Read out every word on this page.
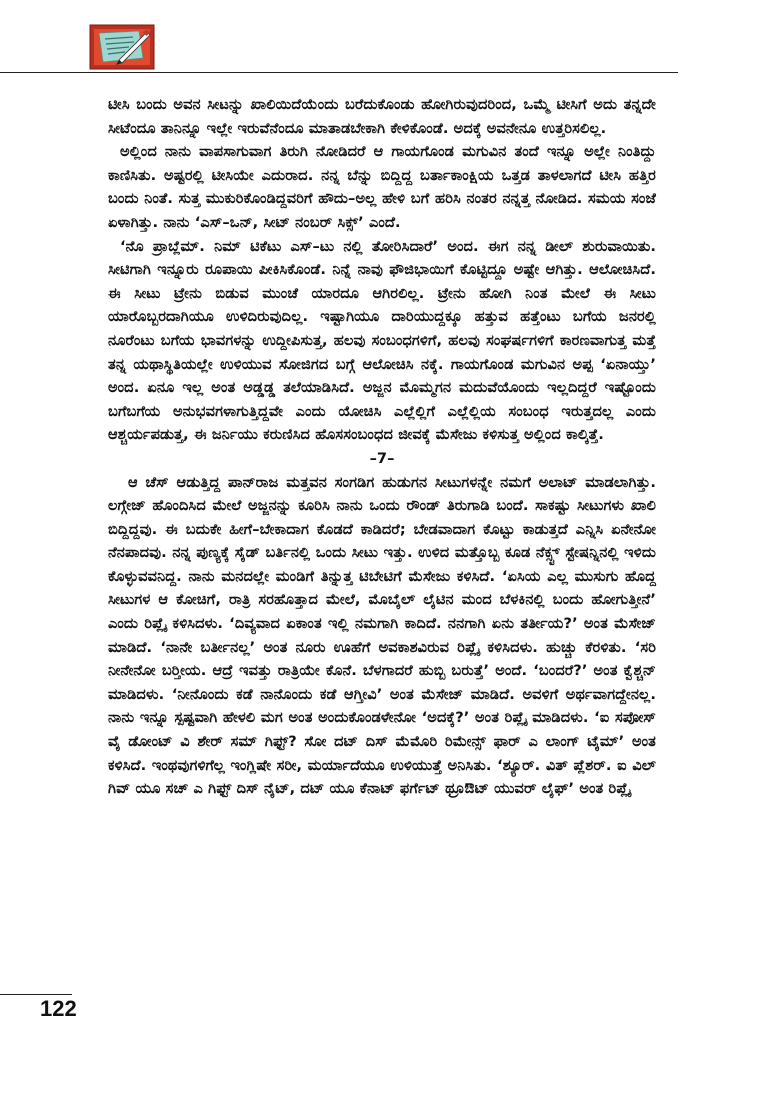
ಟೀಸಿ ಬಂದು ಅವನ ಸೀಟನ್ನು ಖಾಲಿಯಿದೆಯೆಂದು ಬರೆದುಕೊಂಡು ಹೋಗಿರುವುದರಿಂದ, ಒಮ್ಮೆ ಟೀಸಿಗೆ ಅದು ತನ್ನದೇ ಸೀಟೆಂದೂ ತಾನಿನ್ನೂ ಇಲ್ಲೇ ಇರುವೆನೆಂದೂ ಮಾತಾಡಬೇಕಾಗಿ ಕೇಳಿಕೊಂಡೆ. ಅದಕ್ಕೆ ಅವನೇನೂ ಉತ್ತರಿಸಲಿಲ್ಲ.

ಅಲ್ಲಿಂದ ನಾನು ವಾಪಸಾಗುವಾಗ ತಿರುಗಿ ನೋಡಿದರೆ ಆ ಗಾಯಗೊಂಡ ಮಗುವಿನ ತಂದೆ ಇನ್ನೂ ಅಲ್ಲೇ ನಿಂತಿದ್ದು ಕಾಣಿಸಿತು. ಅಷ್ಟರಲ್ಲಿ ಟೀಸಿಯೇ ಎದುರಾದ. ನನ್ನ ಬೆನ್ನು ಬಿದ್ದಿದ್ದ ಬರ್ತಾಕಾಂಕ್ಷಿಯ ಒತ್ತಡ ತಾಳಲಾಗದೆ ಟೀಸಿ ಹತ್ತಿರ ಬಂದು ನಿಂತೆ. ಸುತ್ತ ಮುಕುರಿಕೊಂಡಿದ್ದವರಿಗೆ ಹೌದು–ಅಲ್ಲ ಹೇಳಿ ಬಗೆ ಹರಿಸಿ ನಂತರ ನನ್ನತ್ತ ನೋಡಿದ. ಸಮಯ ಸಂಜೆ ಏಳಾಗಿತ್ತು. ನಾನು ‘ಎಸ್–ಒನ್, ಸೀಟ್ ನಂಬರ್ ಸಿಕ್ಸ್’ ಎಂದೆ.

‘ನೊ ಪ್ರಾಬ್ಲೆಮ್. ನಿಮ್ ಟಿಕೆಟು ಎಸ್–ಟು ನಲ್ಲಿ ತೋರಿಸಿದಾರೆ’ ಅಂದ. ಈಗ ನನ್ನ ಡೀಲ್ ಶುರುವಾಯಿತು. ಸೀಟಿಗಾಗಿ ಇನ್ನೂರು ರೂಪಾಯಿ ಪೀಕಿಸಿಕೊಂಡೆ. ನಿನ್ನೆ ನಾವು ಫೌಜಿಭಾಯಿಗೆ ಕೊಟ್ಟಿದ್ದೂ ಅಷ್ಟೇ ಆಗಿತ್ತು. ಆಲೋಚಿಸಿದೆ. ಈ ಸೀಟು ಟ್ರೇನು ಬಿಡುವ ಮುಂಚೆ ಯಾರದೂ ಆಗಿರಲಿಲ್ಲ. ಟ್ರೇನು ಹೋಗಿ ನಿಂತ ಮೇಲೆ ಈ ಸೀಟು ಯಾರೊಬ್ಬರದಾಗಿಯೂ ಉಳಿದಿರುವುದಿಲ್ಲ. ಇಷ್ಟಾಗಿಯೂ ದಾರಿಯುದ್ದಕ್ಕೂ ಹತ್ತುವ ಹತ್ತೆಂಟು ಬಗೆಯ ಜನರಲ್ಲಿ ನೂರೆಂಟು ಬಗೆಯ ಭಾವಗಳನ್ನು ಉದ್ದೀಪಿಸುತ್ತ, ಹಲವು ಸಂಬಂಧಗಳಿಗೆ, ಹಲವು ಸಂಘರ್ಷಗಳಿಗೆ ಕಾರಣವಾಗುತ್ತ ಮತ್ತೆ ತನ್ನ ಯಥಾಸ್ಥಿತಿಯಲ್ಲೇ ಉಳಿಯುವ ಸೋಜಿಗದ ಬಗ್ಗೆ ಆಲೋಚಿಸಿ ನಕ್ಕೆ. ಗಾಯಗೊಂಡ ಮಗುವಿನ ಅಪ್ಪ ‘ಏನಾಯ್ತು’ ಅಂದ. ಏನೂ ಇಲ್ಲ ಅಂತ ಅಡ್ಡಡ್ಡ ತಲೆಯಾಡಿಸಿದೆ. ಅಜ್ಜನ ಮೊಮ್ಮಗನ ಮದುವೆಯೊಂದು ಇಲ್ಲದಿದ್ದರೆ ಇಷ್ಟೊಂದು ಬಗೆಬಗೆಯ ಅನುಭವಗಳಾಗುತ್ತಿದ್ದವೇ ಎಂದು ಯೋಚಿಸಿ ಎಲ್ಲೆಲ್ಲಿಗೆ ಎಲ್ಲೆಲ್ಲಿಯ ಸಂಬಂಧ ಇರುತ್ತದಲ್ಲ ಎಂದು ಆಶ್ಚರ್ಯಪಡುತ್ತ, ಈ ಜರ್ನಿಯು ಕರುಣಿಸಿದ ಹೊಸಸಂಬಂಧದ ಜೀವಕ್ಕೆ ಮೆಸೇಜು ಕಳಿಸುತ್ತ ಅಲ್ಲಿಂದ ಕಾಲ್ಕಿತ್ತೆ.

–7–

ಆ ಚೆಸ್ ಆಡುತ್ತಿದ್ದ ಪಾನ್‌ರಾಜ ಮತ್ತವನ ಸಂಗಡಿಗ ಹುಡುಗನ ಸೀಟುಗಳನ್ನೇ ನಮಗೆ ಅಲಾಟ್ ಮಾಡಲಾಗಿತ್ತು. ಲಗ್ಗೇಜ್ ಹೊಂದಿಸಿದ ಮೇಲೆ ಅಜ್ಜನನ್ನು ಕೂರಿಸಿ ನಾನು ಒಂದು ರೌಂಡ್ ತಿರುಗಾಡಿ ಬಂದೆ. ಸಾಕಷ್ಟು ಸೀಟುಗಳು ಖಾಲಿ ಬಿದ್ದಿದ್ದವು. ಈ ಬದುಕೇ ಹೀಗೆ–ಬೇಕಾದಾಗ ಕೊಡದೆ ಕಾಡಿದರೆ; ಬೇಡವಾದಾಗ ಕೊಟ್ಟು ಕಾಡುತ್ತದೆ ಎನ್ನಿಸಿ ಏನೇನೋ ನೆನಪಾದವು. ನನ್ನ ಪುಣ್ಯಕ್ಕೆ ಸೈಡ್ ಬರ್ತಿನಲ್ಲಿ ಒಂದು ಸೀಟು ಇತ್ತು. ಉಳಿದ ಮತ್ತೊಬ್ಬ ಕೂಡ ನೆಕ್ಸ್ಟ್ ಸ್ಟೇಷನ್ನಿನಲ್ಲಿ ಇಳಿದು ಕೊಳ್ಳುವವನಿದ್ದ. ನಾನು ಮನದಲ್ಲೇ ಮಂಡಿಗೆ ತಿನ್ನುತ್ತ ಟಿಬೇಟಿಗೆ ಮೆಸೇಜು ಕಳಿಸಿದೆ. ‘ಏಸಿಯ ಎಲ್ಲ ಮುಸುಗು ಹೊದ್ದ ಸೀಟುಗಳ ಆ ಕೋಚಿಗೆ, ರಾತ್ರಿ ಸರಹೊತ್ತಾದ ಮೇಲೆ, ಮೊಬೈಲ್ ಲೈಟಿನ ಮಂದ ಬೆಳಕಿನಲ್ಲಿ ಬಂದು ಹೋಗುತ್ತೀನೆ’ ಎಂದು ರಿಪ್ಲೈ ಕಳಿಸಿದಳು. ‘ದಿವ್ಯವಾದ ಏಕಾಂತ ಇಲ್ಲಿ ನಮಗಾಗಿ ಕಾದಿದೆ. ನನಗಾಗಿ ಏನು ತರ್ತೀಯ?’ ಅಂತ ಮೆಸೇಜ್ ಮಾಡಿದೆ. ‘ನಾನೇ ಬರ್ತೀನಲ್ಲ’ ಅಂತ ನೂರು ಊಹೆಗೆ ಅವಕಾಶವಿರುವ ರಿಪ್ಲೈ ಕಳಿಸಿದಳು. ಹುಚ್ಚು ಕೆರಳಿತು. ‘ಸರಿ ನೀನೇನೋ ಬರ್‍ತೀಯ. ಆದ್ರೆ ಇವತ್ತು ರಾತ್ರಿಯೇ ಕೊನೆ. ಬೆಳಗಾದರೆ ಹುಬ್ಬಿ ಬರುತ್ತೆ’ ಅಂದೆ. ‘ಬಂದರೆ?’ ಅಂತ ಕ್ವೆಶ್ಚನ್ ಮಾಡಿದಳು. ‘ನೀನೊಂದು ಕಡೆ ನಾನೊಂದು ಕಡೆ ಆಗ್ತೀವಿ’ ಅಂತ ಮೆಸೇಜ್ ಮಾಡಿದೆ. ಅವಳಿಗೆ ಅರ್ಥವಾಗದ್ದೇನಲ್ಲ. ನಾನು ಇನ್ನೂ ಸ್ಪಷ್ಟವಾಗಿ ಹೇಳಲಿ ಮಗ ಅಂತ ಅಂದುಕೊಂಡಳೇನೋ ‘ಅದಕ್ಕೆ?’ ಅಂತ ರಿಪ್ಲೈ ಮಾಡಿದಳು. ‘ಐ ಸಪೋಸ್ ವೈ ಡೋಂಟ್ ವಿ ಶೇರ್ ಸಮ್ ಗಿಫ್ಟ್? ಸೋ ದಟ್ ದಿಸ್ ಮೆಮೊರಿ ರಿಮೇನ್ಸ್ ಫಾರ್ ಎ ಲಾಂಗ್ ಟೈಮ್’ ಅಂತ ಕಳಿಸಿದೆ. ಇಂಥವುಗಳಿಗೆಲ್ಲ ಇಂಗ್ಲಿಷೇ ಸರೀ, ಮರ್ಯಾದೆಯೂ ಉಳಿಯುತ್ತೆ ಅನಿಸಿತು. ‘ಶ್ಯೂರ್. ವಿತ್ ಪ್ಲೆಶರ್. ಐ ವಿಲ್ ಗಿವ್ ಯೂ ಸಚ್ ಎ ಗಿಫ್ಟ್ ದಿಸ್ ನೈಟ್, ದಟ್ ಯೂ ಕೆನಾಟ್ ಫರ್ಗೆಟ್ ಥ್ರೂಔಟ್ ಯುವರ್ ಲೈಫ್’ ಅಂತ ರಿಪ್ಲೈ

122
